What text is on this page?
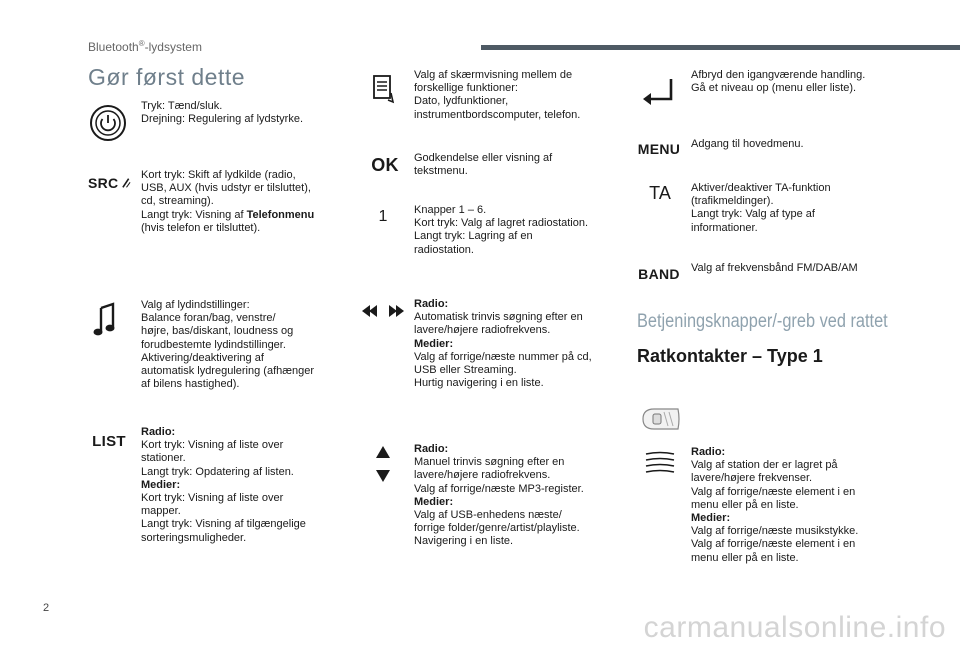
Bluetooth®-lydsystem
Gør først dette
Tryk: Tænd/sluk.
Drejning: Regulering af lydstyrke.
SRC Kort tryk: Skift af lydkilde (radio,
USB, AUX (hvis udstyr er tilsluttet),
cd, streaming).
Langt tryk: Visning af Telefonmenu
(hvis telefon er tilsluttet).
Valg af lydindstillinger:
Balance foran/bag, venstre/
højre, bas/diskant, loudness og
forudbestemte lydindstillinger.
Aktivering/deaktivering af
automatisk lydregulering (afhænger
af bilens hastighed).
LIST
Radio:
Kort tryk: Visning af liste over
stationer.
Langt tryk: Opdatering af listen.
Medier:
Kort tryk: Visning af liste over
mapper.
Langt tryk: Visning af tilgængelige
sorteringsmuligheder.
Valg af skærmvisning mellem de
forskellige funktioner:
Dato, lydfunktioner,
instrumentbordscomputer, telefon.
OK Godkendelse eller visning af
tekstmenu.
1 Knapper 1 – 6.
Kort tryk: Valg af lagret radiostation.
Langt tryk: Lagring af en
radiostation.
Radio:
Automatisk trinvis søgning efter en
lavere/højere radiofrekvens.
Medier:
Valg af forrige/næste nummer på cd,
USB eller Streaming.
Hurtig navigering i en liste.
Radio:
Manuel trinvis søgning efter en
lavere/højere radiofrekvens.
Valg af forrige/næste MP3-register.
Medier:
Valg af USB-enhedens næste/
forrige folder/genre/artist/playliste.
Navigering i en liste.
Afbryd den igangværende handling.
Gå et niveau op (menu eller liste).
MENU Adgang til hovedmenu.
TA Aktiver/deaktiver TA-funktion
(trafikmeldinger).
Langt tryk: Valg af type af
informationer.
BAND Valg af frekvensbånd FM/DAB/AM
Betjeningsknapper/-greb ved rattet
Ratkontakter – Type 1
Radio:
Valg af station der er lagret på
lavere/højere frekvenser.
Valg af forrige/næste element i en
menu eller på en liste.
Medier:
Valg af forrige/næste musikstykke.
Valg af forrige/næste element i en
menu eller på en liste.
2
carmanualsonline.info
